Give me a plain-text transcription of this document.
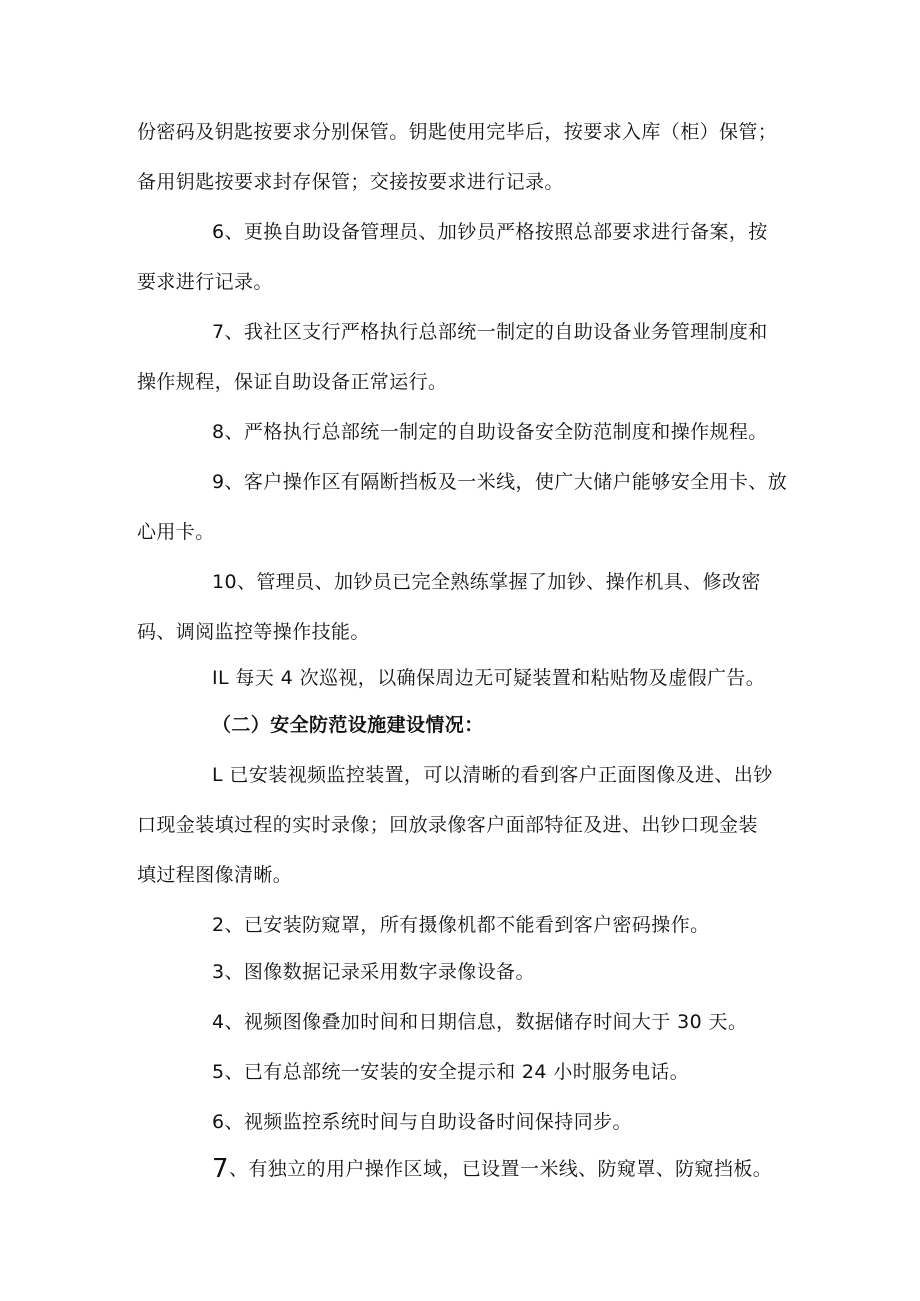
份密码及钥匙按要求分别保管。钥匙使用完毕后，按要求入库（柜）保管；
备用钥匙按要求封存保管；交接按要求进行记录。
6、更换自助设备管理员、加钞员严格按照总部要求进行备案，按
要求进行记录。
7、我社区支行严格执行总部统一制定的自助设备业务管理制度和
操作规程，保证自助设备正常运行。
8、严格执行总部统一制定的自助设备安全防范制度和操作规程。
9、客户操作区有隔断挡板及一米线，使广大储户能够安全用卡、放
心用卡。
10、管理员、加钞员已完全熟练掌握了加钞、操作机具、修改密
码、调阅监控等操作技能。
IL 每天 4 次巡视，以确保周边无可疑装置和粘贴物及虚假广告。
（二）安全防范设施建设情况：
L 已安装视频监控装置，可以清晰的看到客户正面图像及进、出钞
口现金装填过程的实时录像；回放录像客户面部特征及进、出钞口现金装
填过程图像清晰。
2、已安装防窥罩，所有摄像机都不能看到客户密码操作。
3、图像数据记录采用数字录像设备。
4、视频图像叠加时间和日期信息，数据储存时间大于 30 天。
5、已有总部统一安装的安全提示和 24 小时服务电话。
6、视频监控系统时间与自助设备时间保持同步。
7、有独立的用户操作区域，已设置一米线、防窥罩、防窥挡板。
